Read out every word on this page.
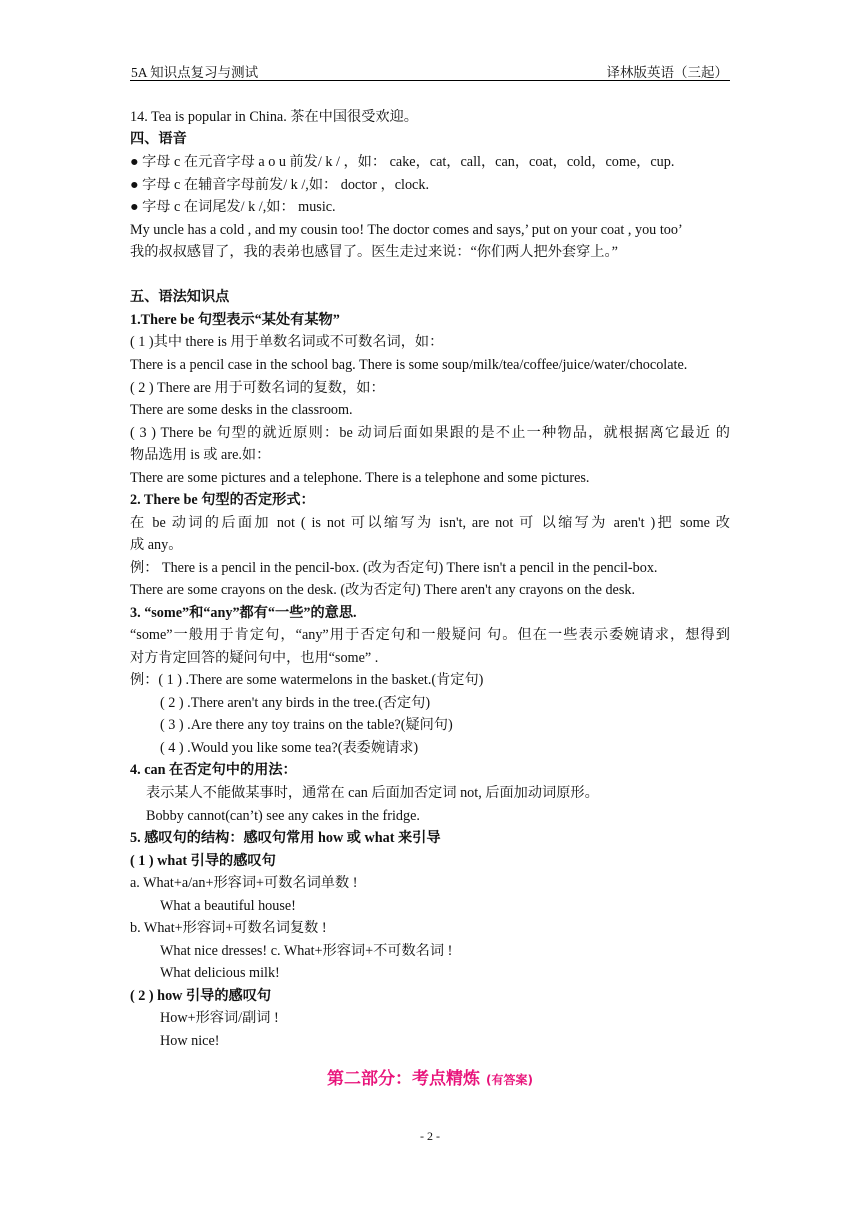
5A 知识点复习与测试	译林版英语（三起）
14. Tea is popular in China. 茶在中国很受欢迎。
四、语音
● 字母 c 在元音字母 a o u 前发/ k / ，如： cake，cat，call，can，coat，cold，come，cup.
● 字母 c 在辅音字母前发/ k /,如： doctor ，clock.
● 字母 c 在词尾发/ k /,如： music.
My uncle has a cold , and my cousin too! The doctor comes and says,’ put on your coat , you too’
我的叔叔感冒了，我的表弟也感冒了。医生走过来说：“你们两人把外套穿上。”
五、语法知识点
1.There be 句型表示“某处有某物”
( 1 )其中 there is 用于单数名词或不可数名词，如：
There is a pencil case in the school bag. There is some soup/milk/tea/coffee/juice/water/chocolate.
( 2 ) There are 用于可数名词的复数，如：
There are some desks in the classroom.
( 3 ) There be 句型的就近原则：be 动词后面如果跟的是不止一种物品，就根据离它最近 的
物品选用 is 或 are.如：
There are some pictures and a telephone. There is a telephone and some pictures.
2. There be 句型的否定形式：
在 be 动词的后面加 not ( is not 可以缩写为 isn't, are not 可 以缩写为 aren't )把 some 改
成 any。
例： There is a pencil in the pencil-box. (改为否定句) There isn't a pencil in the pencil-box.
There are some crayons on the desk. (改为否定句) There aren't any crayons on the desk.
3. “some”和“any”都有“一些”的意思.
“some”一般用于肯定句，“any”用于否定句和一般疑问 句。但在一些表示委婉请求，想得到
对方肯定回答的疑问句中，也用“some” .
例：( 1 ) .There are some watermelons in the basket.(肯定句)
( 2 ) .There aren't any birds in the tree.(否定句)
( 3 ) .Are there any toy trains on the table?(疑问句)
( 4 ) .Would you like some tea?(表委婉请求)
4. can 在否定句中的用法：
表示某人不能做某事时，通常在 can 后面加否定词 not, 后面加动词原形。
Bobby cannot(can’t) see any cakes in the fridge.
5. 感叹句的结构：感叹句常用 how 或 what 来引导
( 1 ) what 引导的感叹句
a. What+a/an+形容词+可数名词单数 !
What a beautiful house!
b. What+形容词+可数名词复数 !
What nice dresses! c. What+形容词+不可数名词 !
What delicious milk!
( 2 ) how 引导的感叹句
How+形容词/副词 !
How nice!
第二部分：考点精炼 (有答案)
- 2 -
